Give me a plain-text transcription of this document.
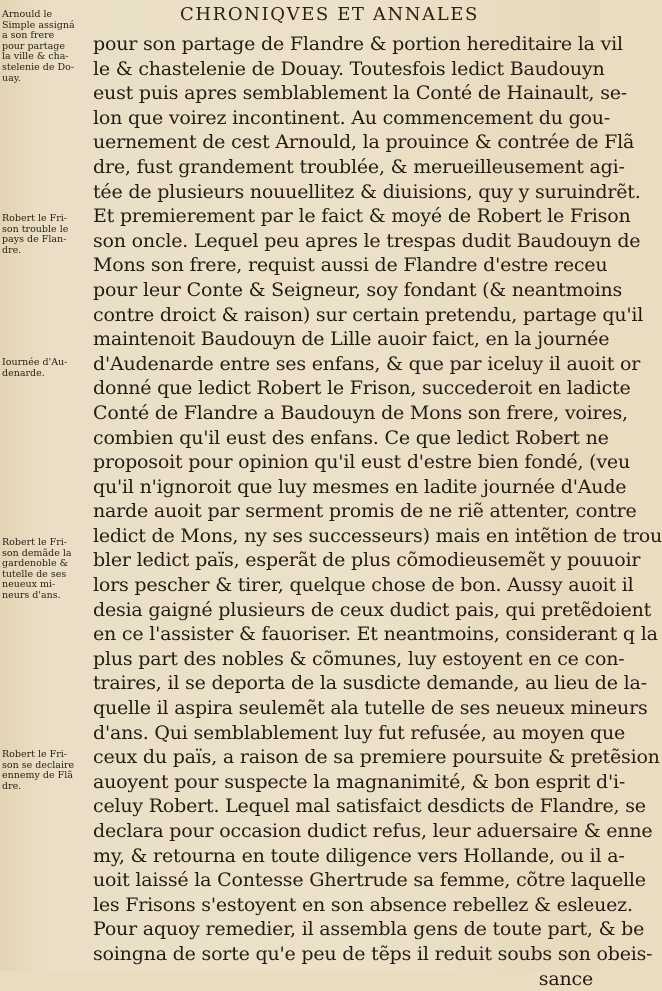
CHRONIQVES ET ANNALES
Arnould le
Simple assigná
a son frere
pour partage
la ville & cha-
stelenie de Do-
uay.
Robert le Fri-
son trouble le
pays de Flan-
dre.
Iournée d'Au-
denarde.
Robert le Fri-
son demãde la
gardenoble &
tutelle de ses
neueux mi-
neurs d'ans.
Robert le Fri-
son se declaire
ennemy de Flã
dre.
pour son partage de Flandre & portion hereditaire la vil
le & chastelenie de Douay. Toutesfois ledict Baudouyn
eust puis apres semblablement la Conté de Hainault, se-
lon que voirez incontinent. Au commencement du gou-
uernement de cest Arnould, la prouince & contrée de Flã
dre, fust grandement troublée, & merueilleusement agi-
tée de plusieurs nouuellitez & diuisions, quy y suruindrẽt.
Et premierement par le faict & moyé de Robert le Frison
son oncle. Lequel peu apres le trespas dudit Baudouyn de
Mons son frere, requist aussi de Flandre d'estre receu
pour leur Conte & Seigneur, soy fondant (& neantmoins
contre droict & raison) sur certain pretendu, partage qu'il
maintenoit Baudouyn de Lille auoir faict, en la journée
d'Audenarde entre ses enfans, & que par iceluy il auoit or
donné que ledict Robert le Frison, succederoit en ladicte
Conté de Flandre a Baudouyn de Mons son frere, voires,
combien qu'il eust des enfans. Ce que ledict Robert ne
proposoit pour opinion qu'il eust d'estre bien fondé, (veu
qu'il n'ignoroit que luy mesmes en ladite journée d'Aude
narde auoit par serment promis de ne riẽ attenter, contre
ledict de Mons, ny ses successeurs) mais en intẽtion de trou
bler ledict païs, esperãt de plus cõmodieusemẽt y pouuoir
lors pescher & tirer, quelque chose de bon. Aussy auoit il
desia gaigné plusieurs de ceux dudict pais, qui pretẽdoient
en ce l'assister & fauoriser. Et neantmoins, considerant q la
plus part des nobles & cõmunes, luy estoyent en ce con-
traires, il se deporta de la susdicte demande, au lieu de la-
quelle il aspira seulemẽt ala tutelle de ses neueux mineurs
d'ans. Qui semblablement luy fut refusée, au moyen que
ceux du païs, a raison de sa premiere poursuite & pretẽsion
auoyent pour suspecte la magnanimité, & bon esprit d'i-
celuy Robert. Lequel mal satisfaict desdicts de Flandre, se
declara pour occasion dudict refus, leur aduersaire & enne
my, & retourna en toute diligence vers Hollande, ou il a-
uoit laissé la Contesse Ghertrude sa femme, cõtre laquelle
les Frisons s'estoyent en son absence rebellez & esleuez.
Pour aquoy remedier, il assembla gens de toute part, & be
soingna de sorte qu'e peu de tẽps il reduit soubs son obeis-
sance
